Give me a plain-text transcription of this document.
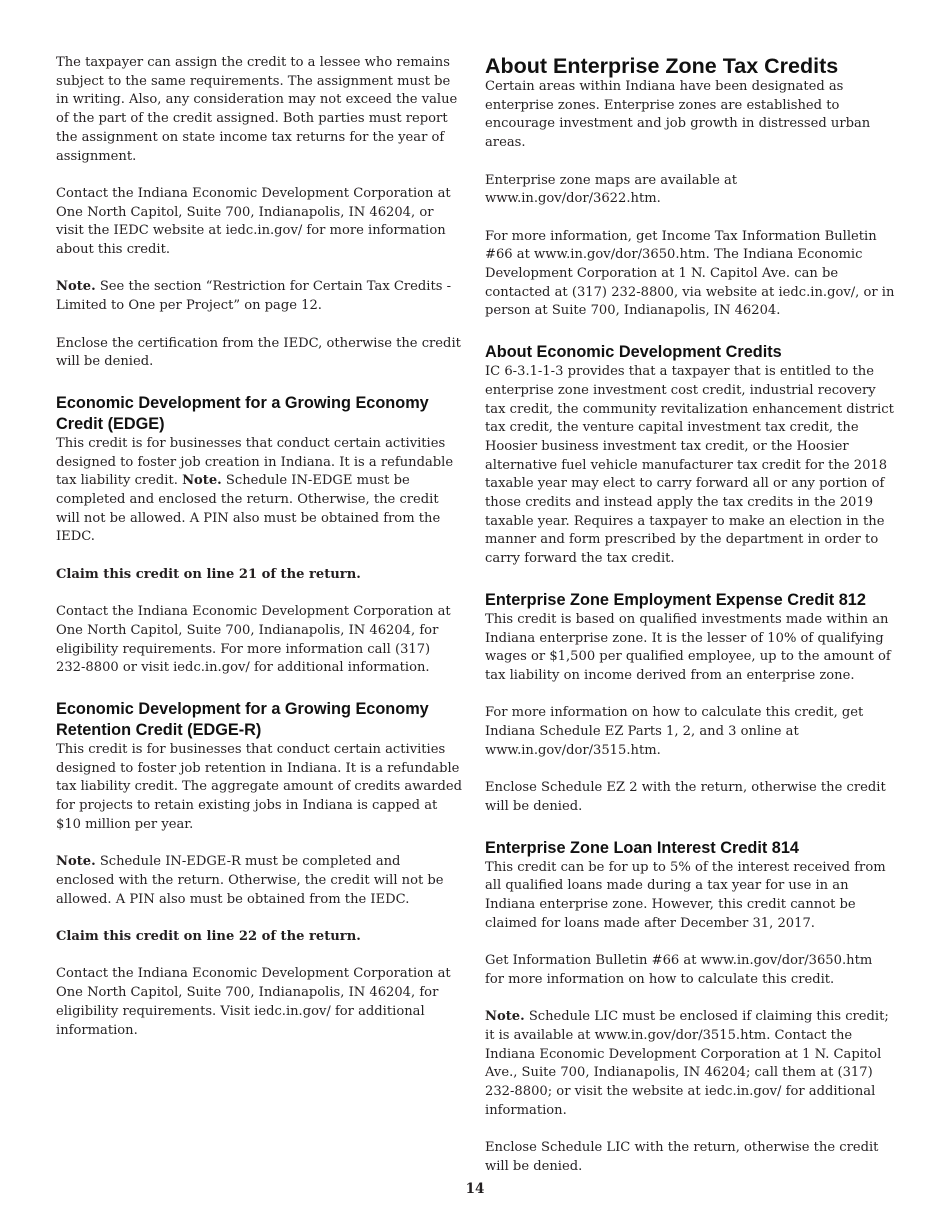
The taxpayer can assign the credit to a lessee who remains subject to the same requirements. The assignment must be in writing. Also, any consideration may not exceed the value of the part of the credit assigned. Both parties must report the assignment on state income tax returns for the year of assignment.

Contact the Indiana Economic Development Corporation at One North Capitol, Suite 700, Indianapolis, IN 46204, or visit the IEDC website at iedc.in.gov/ for more information about this credit.

Note. See the section “Restriction for Certain Tax Credits - Limited to One per Project” on page 12.

Enclose the certification from the IEDC, otherwise the credit will be denied.

Economic Development for a Growing Economy Credit (EDGE)

This credit is for businesses that conduct certain activities designed to foster job creation in Indiana. It is a refundable tax liability credit. Note. Schedule IN-EDGE must be completed and enclosed the return. Otherwise, the credit will not be allowed. A PIN also must be obtained from the IEDC.

Claim this credit on line 21 of the return.

Contact the Indiana Economic Development Corporation at One North Capitol, Suite 700, Indianapolis, IN 46204, for eligibility requirements. For more information call (317) 232-8800 or visit iedc.in.gov/ for additional information.

Economic Development for a Growing Economy Retention Credit (EDGE-R)

This credit is for businesses that conduct certain activities designed to foster job retention in Indiana. It is a refundable tax liability credit. The aggregate amount of credits awarded for projects to retain existing jobs in Indiana is capped at $10 million per year.

Note. Schedule IN-EDGE-R must be completed and enclosed with the return. Otherwise, the credit will not be allowed. A PIN also must be obtained from the IEDC.

Claim this credit on line 22 of the return.

Contact the Indiana Economic Development Corporation at One North Capitol, Suite 700, Indianapolis, IN 46204, for eligibility requirements. Visit iedc.in.gov/ for additional information.

About Enterprise Zone Tax Credits

Certain areas within Indiana have been designated as enterprise zones. Enterprise zones are established to encourage investment and job growth in distressed urban areas.

Enterprise zone maps are available at www.in.gov/dor/3622.htm.

For more information, get Income Tax Information Bulletin #66 at www.in.gov/dor/3650.htm. The Indiana Economic Development Corporation at 1 N. Capitol Ave. can be contacted at (317) 232-8800, via website at iedc.in.gov/, or in person at Suite 700, Indianapolis, IN 46204.

About Economic Development Credits

IC 6-3.1-1-3 provides that a taxpayer that is entitled to the enterprise zone investment cost credit, industrial recovery tax credit, the community revitalization enhancement district tax credit, the venture capital investment tax credit, the Hoosier business investment tax credit, or the Hoosier alternative fuel vehicle manufacturer tax credit for the 2018 taxable year may elect to carry forward all or any portion of those credits and instead apply the tax credits in the 2019 taxable year. Requires a taxpayer to make an election in the manner and form prescribed by the department in order to carry forward the tax credit.

Enterprise Zone Employment Expense Credit 812

This credit is based on qualified investments made within an Indiana enterprise zone. It is the lesser of 10% of qualifying wages or $1,500 per qualified employee, up to the amount of tax liability on income derived from an enterprise zone.

For more information on how to calculate this credit, get Indiana Schedule EZ Parts 1, 2, and 3 online at www.in.gov/dor/3515.htm.

Enclose Schedule EZ 2 with the return, otherwise the credit will be denied.

Enterprise Zone Loan Interest Credit 814

This credit can be for up to 5% of the interest received from all qualified loans made during a tax year for use in an Indiana enterprise zone. However, this credit cannot be claimed for loans made after December 31, 2017.

Get Information Bulletin #66 at www.in.gov/dor/3650.htm for more information on how to calculate this credit.

Note. Schedule LIC must be enclosed if claiming this credit; it is available at www.in.gov/dor/3515.htm. Contact the Indiana Economic Development Corporation at 1 N. Capitol Ave., Suite 700, Indianapolis, IN 46204; call them at (317) 232-8800; or visit the website at iedc.in.gov/ for additional information.

Enclose Schedule LIC with the return, otherwise the credit will be denied.

14
